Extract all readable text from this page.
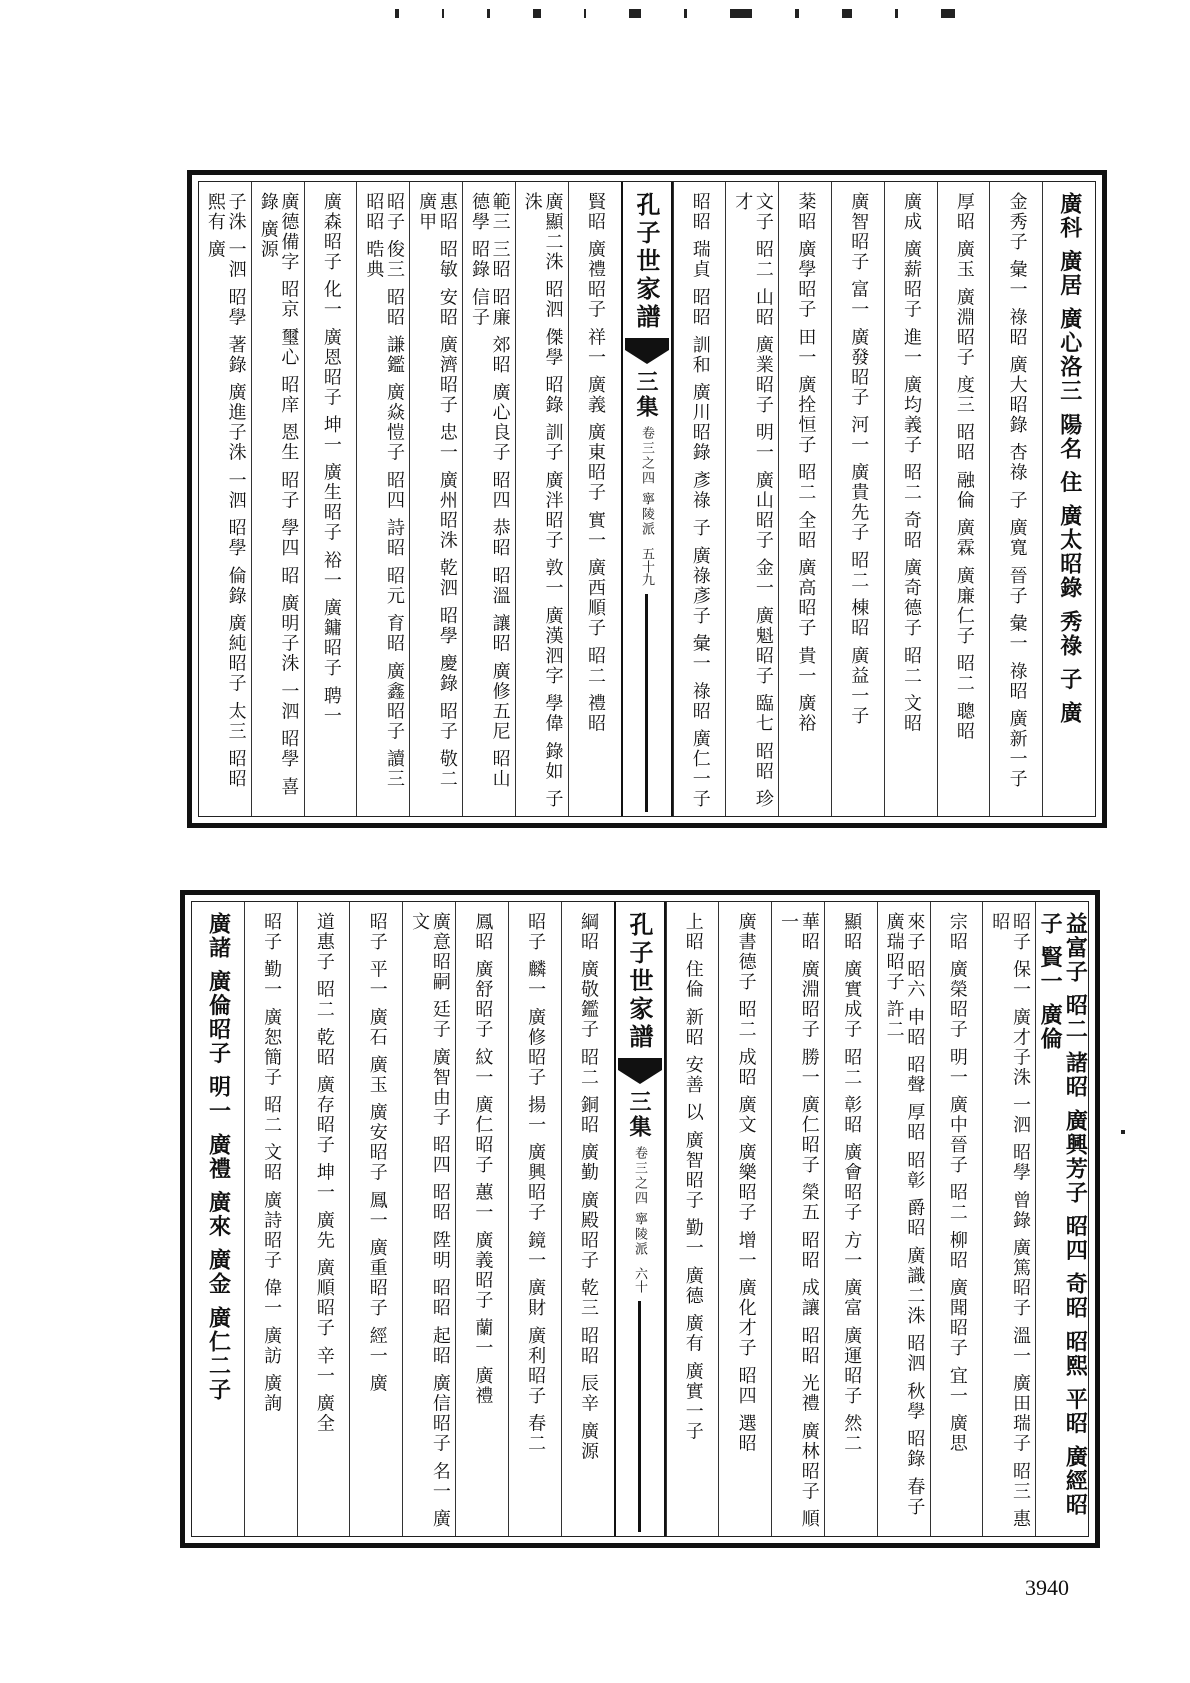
廣科 廣居 廣心洛三 陽名 住 廣太昭錄 秀祿 子 廣
金秀子 彙一 祿昭 廣大昭錄 杏祿 子 廣寬 晉子 彙一 祿昭 廣新一子
厚昭 廣玉 廣淵昭子 度三 昭昭 融倫 廣霖 廣廉仁子 昭二 聰昭
廣成 廣薪昭子 進一 廣均義子 昭二 奇昭 廣奇德子 昭二 文昭
廣智昭子 富一 廣發昭子 河一 廣貴先子 昭二 棟昭 廣益一子
棻昭 廣學昭子 田一 廣拴恒子 昭二 全昭 廣高昭子 貴一 廣裕
文子 昭二 山昭 廣業昭子 明一 廣山昭子 金一 廣魁昭子 臨七 昭昭 珍才
昭昭 瑞貞 昭昭 訓和 廣川昭錄 彥祿 子 廣祿彥子 彙一 祿昭 廣仁一子
孔子世家譜
三集
卷三之四 寧陵派
五十九
賢昭 廣禮昭子 祥一 廣義 廣東昭子 實一 廣西順子 昭二 禮昭
廣顯二洙 昭泗 傑學 昭錄 訓子 廣泮昭子 敦一 廣漢泗字 學偉 錄如 子洙
範三 三昭 昭廉 郊昭 廣心良子 昭四 恭昭 昭溫 讓昭 廣修五尼 昭山 德學 昭錄 信子
惠昭 昭敏 安昭 廣濟昭子 忠一 廣州昭洙 乾泗 昭學 慶錄 昭子 敬二 廣甲
昭子 俊三 昭昭 謙鑑 廣焱愷子 昭四 詩昭 昭元 育昭 廣鑫昭子 讀三 昭昭 晧典
廣森昭子 化一 廣恩昭子 坤一 廣生昭子 裕一 廣鏞昭子 聘一
廣德備字 昭京 璽心 昭庠 恩生 昭子 學四 昭 廣明子洙 一泗 昭學 喜錄 廣源
子洙 一泗 昭學 著錄 廣進子洙 一泗 昭學 倫錄 廣純昭子 太三 昭昭 熙有 廣
益富子 昭二 諸昭 廣興芳子 昭四 奇昭 昭熙 平昭 廣經昭子 賢一 廣倫
昭子 保一 廣才子洙 一泗 昭學 曾錄 廣篤昭子 溫一 廣田瑞子 昭三 惠昭
宗昭 廣榮昭子 明一 廣中晉子 昭二 柳昭 廣聞昭子 宜一 廣思
來子 昭六 申昭 昭聲 厚昭 昭彰 爵昭 廣識二洙 昭泗 秋學 昭錄 春子 廣瑞昭子 許二
顯昭 廣實成子 昭二 彰昭 廣會昭子 方一 廣富 廣運昭子 然二
華昭 廣淵昭子 勝一 廣仁昭子 榮五 昭昭 成讓 昭昭 光禮 廣林昭子 順一
廣書德子 昭二 成昭 廣文 廣樂昭子 增一 廣化才子 昭四 選昭
上昭 住倫 新昭 安善 以 廣智昭子 勤一 廣德 廣有 廣實一子
孔子世家譜
三集
卷三之四 寧陵派
六十
綱昭 廣敬鑑子 昭二 銅昭 廣勤 廣殿昭子 乾三 昭昭 辰辛 廣源
昭子 麟一 廣修昭子 揚一 廣興昭子 鏡一 廣財 廣利昭子 春二
鳳昭 廣舒昭子 紋一 廣仁昭子 蕙一 廣義昭子 蘭一 廣禮
廣意昭嗣 廷子 廣智由子 昭四 昭昭 陞明 昭昭 起昭 廣信昭子 名一 廣文
昭子 平一 廣石 廣玉 廣安昭子 鳳一 廣重昭子 經一 廣
道惠子 昭二 乾昭 廣存昭子 坤一 廣先 廣順昭子 辛一 廣全
昭子 勤一 廣恕簡子 昭二 文昭 廣詩昭子 偉一 廣訪 廣詢
廣諸 廣倫昭子 明一 廣禮 廣來 廣金 廣仁二子
3940
